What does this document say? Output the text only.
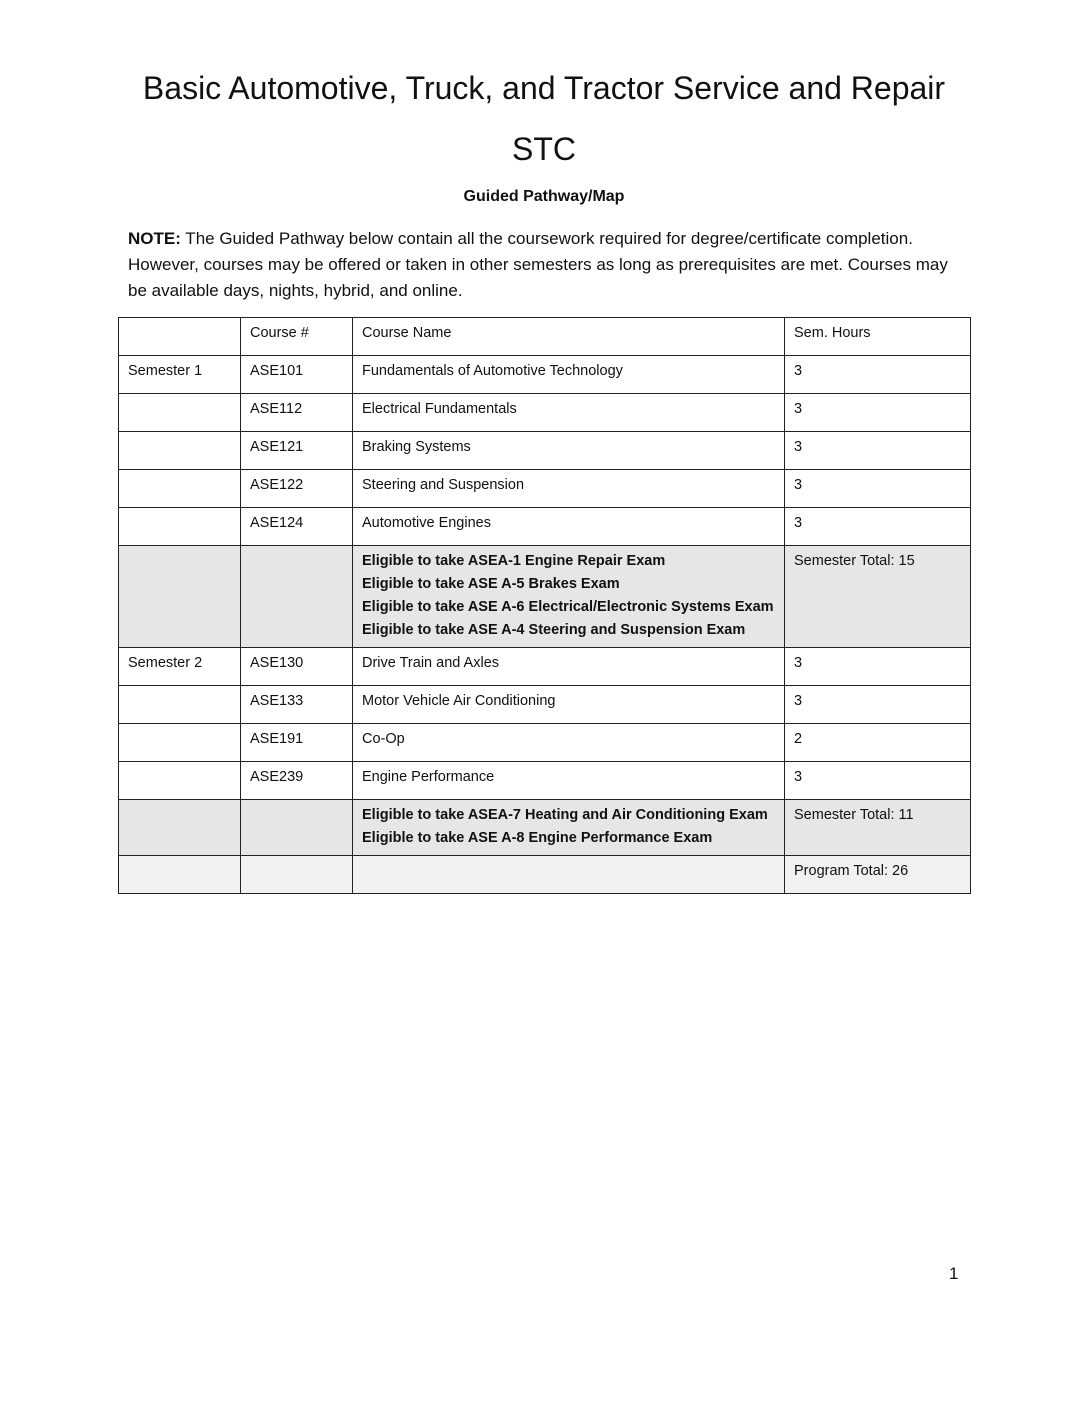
Basic Automotive, Truck, and Tractor Service and Repair
STC

Guided Pathway/Map

NOTE: The Guided Pathway below contain all the coursework required for degree/certificate completion. However, courses may be offered or taken in other semesters as long as prerequisites are met. Courses may be available days, nights, hybrid, and online.

	Course #	Course Name	Sem. Hours
Semester 1	ASE101	Fundamentals of Automotive Technology	3
	ASE112	Electrical Fundamentals	3
	ASE121	Braking Systems	3
	ASE122	Steering and Suspension	3
	ASE124	Automotive Engines	3

		Eligible to take ASEA-1 Engine Repair Exam
Eligible to take ASE A-5 Brakes Exam
Eligible to take ASE A-6 Electrical/Electronic Systems Exam
Eligible to take ASE A-4 Steering and Suspension Exam	Semester Total: 15
Semester 2	ASE130	Drive Train and Axles	3
	ASE133	Motor Vehicle Air Conditioning	3
	ASE191	Co-Op	2
	ASE239	Engine Performance	3

		Eligible to take ASEA-7 Heating and Air Conditioning Exam
Eligible to take ASE A-8 Engine Performance Exam	Semester Total: 11
			Program Total: 26

1
